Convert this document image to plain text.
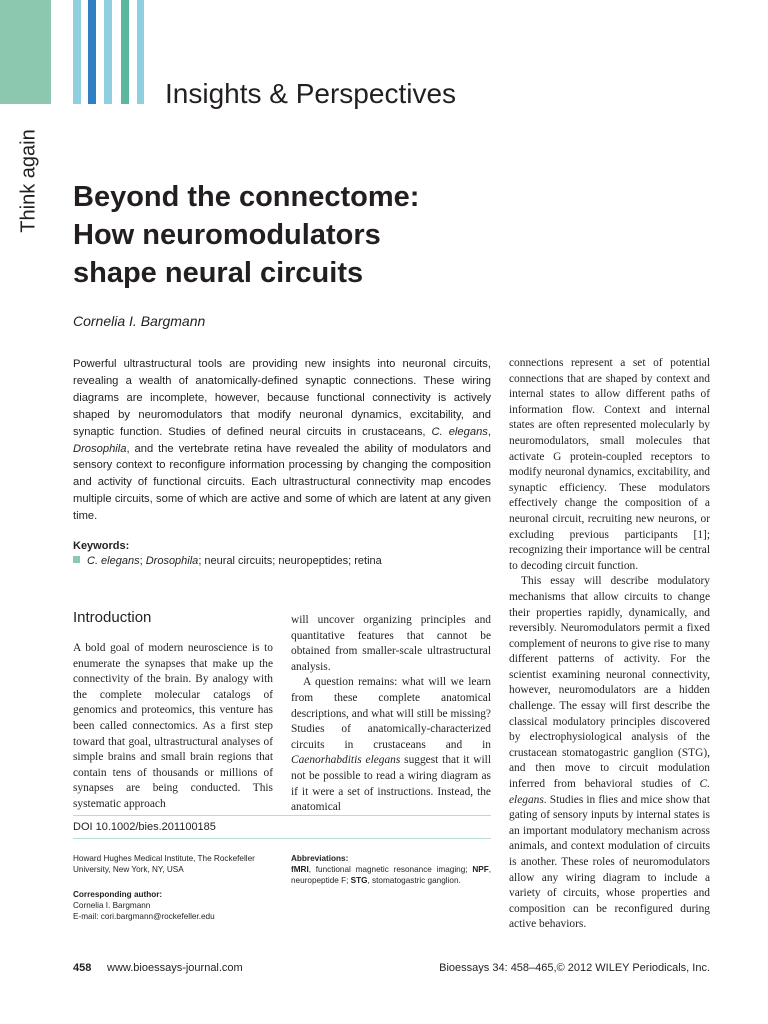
Think again
Insights & Perspectives
Beyond the connectome:
How neuromodulators
shape neural circuits
Cornelia I. Bargmann
Powerful ultrastructural tools are providing new insights into neuronal circuits, revealing a wealth of anatomically-defined synaptic connections. These wiring diagrams are incomplete, however, because functional connectivity is actively shaped by neuromodulators that modify neuronal dynamics, excitability, and synaptic function. Studies of defined neural circuits in crustaceans, C. elegans, Drosophila, and the vertebrate retina have revealed the ability of modulators and sensory context to reconfigure information processing by changing the composition and activity of functional circuits. Each ultrastructural connectivity map encodes multiple circuits, some of which are active and some of which are latent at any given time.
Keywords:
C. elegans; Drosophila; neural circuits; neuropeptides; retina
Introduction

A bold goal of modern neuroscience is to enumerate the synapses that make up the connectivity of the brain. By analogy with the complete molecular catalogs of genomics and proteomics, this venture has been called connectomics. As a first step toward that goal, ultrastructural analyses of simple brains and small brain regions that contain tens of thousands or millions of synapses are being conducted. This systematic approach

will uncover organizing principles and quantitative features that cannot be obtained from smaller-scale ultrastructural analysis.

A question remains: what will we learn from these complete anatomical descriptions, and what will still be missing? Studies of anatomically-characterized circuits in crustaceans and in Caenorhabditis elegans suggest that it will not be possible to read a wiring diagram as if it were a set of instructions. Instead, the anatomical

connections represent a set of potential connections that are shaped by context and internal states to allow different paths of information flow. Context and internal states are often represented molecularly by neuromodulators, small molecules that activate G protein-coupled receptors to modify neuronal dynamics, excitability, and synaptic efficiency. These modulators effectively change the composition of a neuronal circuit, recruiting new neurons, or excluding previous participants [1]; recognizing their importance will be central to decoding circuit function.

This essay will describe modulatory mechanisms that allow circuits to change their properties rapidly, dynamically, and reversibly. Neuromodulators permit a fixed complement of neurons to give rise to many different patterns of activity. For the scientist examining neuronal connectivity, however, neuromodulators are a hidden challenge. The essay will first describe the classical modulatory principles discovered by electrophysiological analysis of the crustacean stomatogastric ganglion (STG), and then move to circuit modulation inferred from behavioral studies of C. elegans. Studies in flies and mice show that gating of sensory inputs by internal states is an important modulatory mechanism across animals, and context modulation of circuits is another. These roles of neuromodulators allow any wiring diagram to include a variety of circuits, whose properties and composition can be reconfigured during active behaviors.

DOI 10.1002/bies.201100185
Howard Hughes Medical Institute, The Rockefeller University, New York, NY, USA
Corresponding author:
Cornelia I. Bargmann
E-mail: cori.bargmann@rockefeller.edu
Abbreviations:
fMRI, functional magnetic resonance imaging; NPF, neuropeptide F; STG, stomatogastric ganglion.
458 www.bioessays-journal.com	Bioessays 34: 458–465,© 2012 WILEY Periodicals, Inc.
